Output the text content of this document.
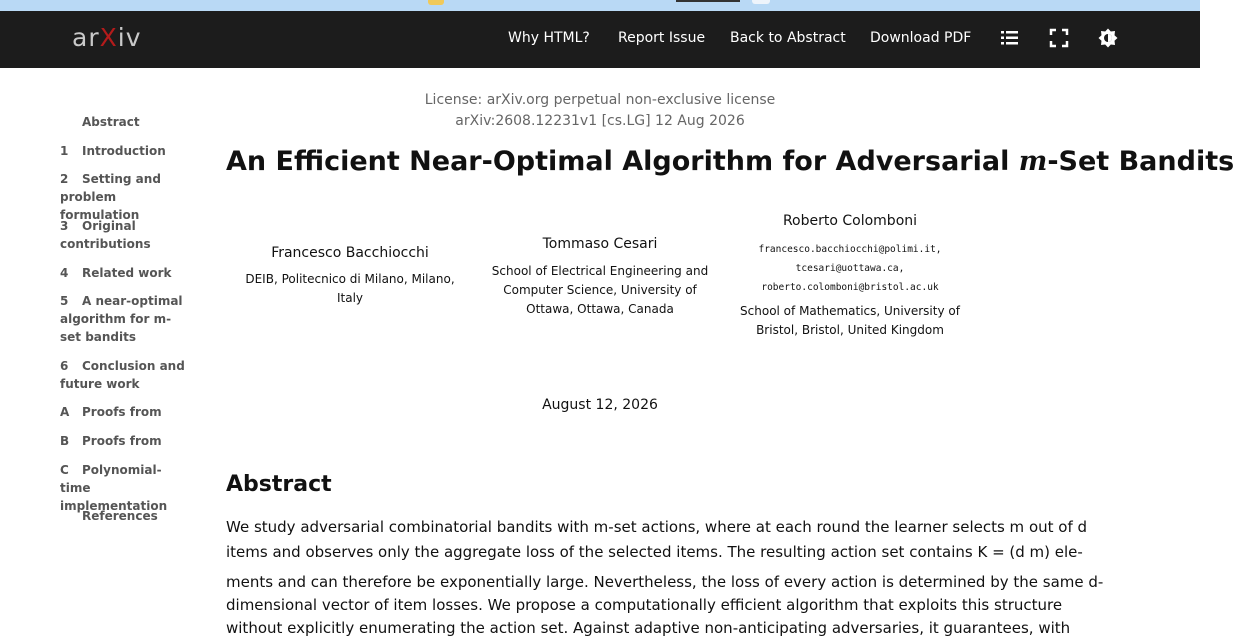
arXiv	Why HTML? Report Issue Back to Abstract Download PDF
Abstract
1 Introduction
2 Setting and problem formulation
3 Original contributions
4 Related work
5 A near-optimal algorithm for m-set bandits
6 Conclusion and future work
A Proofs from
B Proofs from
C Polynomial-time implementation
References
License: arXiv.org perpetual non-exclusive license
arXiv:2608.12231v1 [cs.LG] 12 Aug 2026
An Efficient Near-Optimal Algorithm for Adversarial m-Set Bandits
Francesco Bacchiocchi
DEIB, Politecnico di Milano, Milano,
Italy
Tommaso Cesari
School of Electrical Engineering and
Computer Science, University of
Ottawa, Ottawa, Canada
Roberto Colomboni
francesco.bacchiocchi@polimi.it,
tcesari@uottawa.ca,
roberto.colomboni@bristol.ac.uk
School of Mathematics, University of
Bristol, Bristol, United Kingdom
August 12, 2026
Abstract
We study adversarial combinatorial bandits with m-set actions, where at each round the learner selects m out of d
items and observes only the aggregate loss of the selected items. The resulting action set contains K = (d m) ele-
ments and can therefore be exponentially large. Nevertheless, the loss of every action is determined by the same d-
dimensional vector of item losses. We propose a computationally efficient algorithm that exploits this structure
without explicitly enumerating the action set. Against adaptive non-anticipating adversaries, it guarantees, with
